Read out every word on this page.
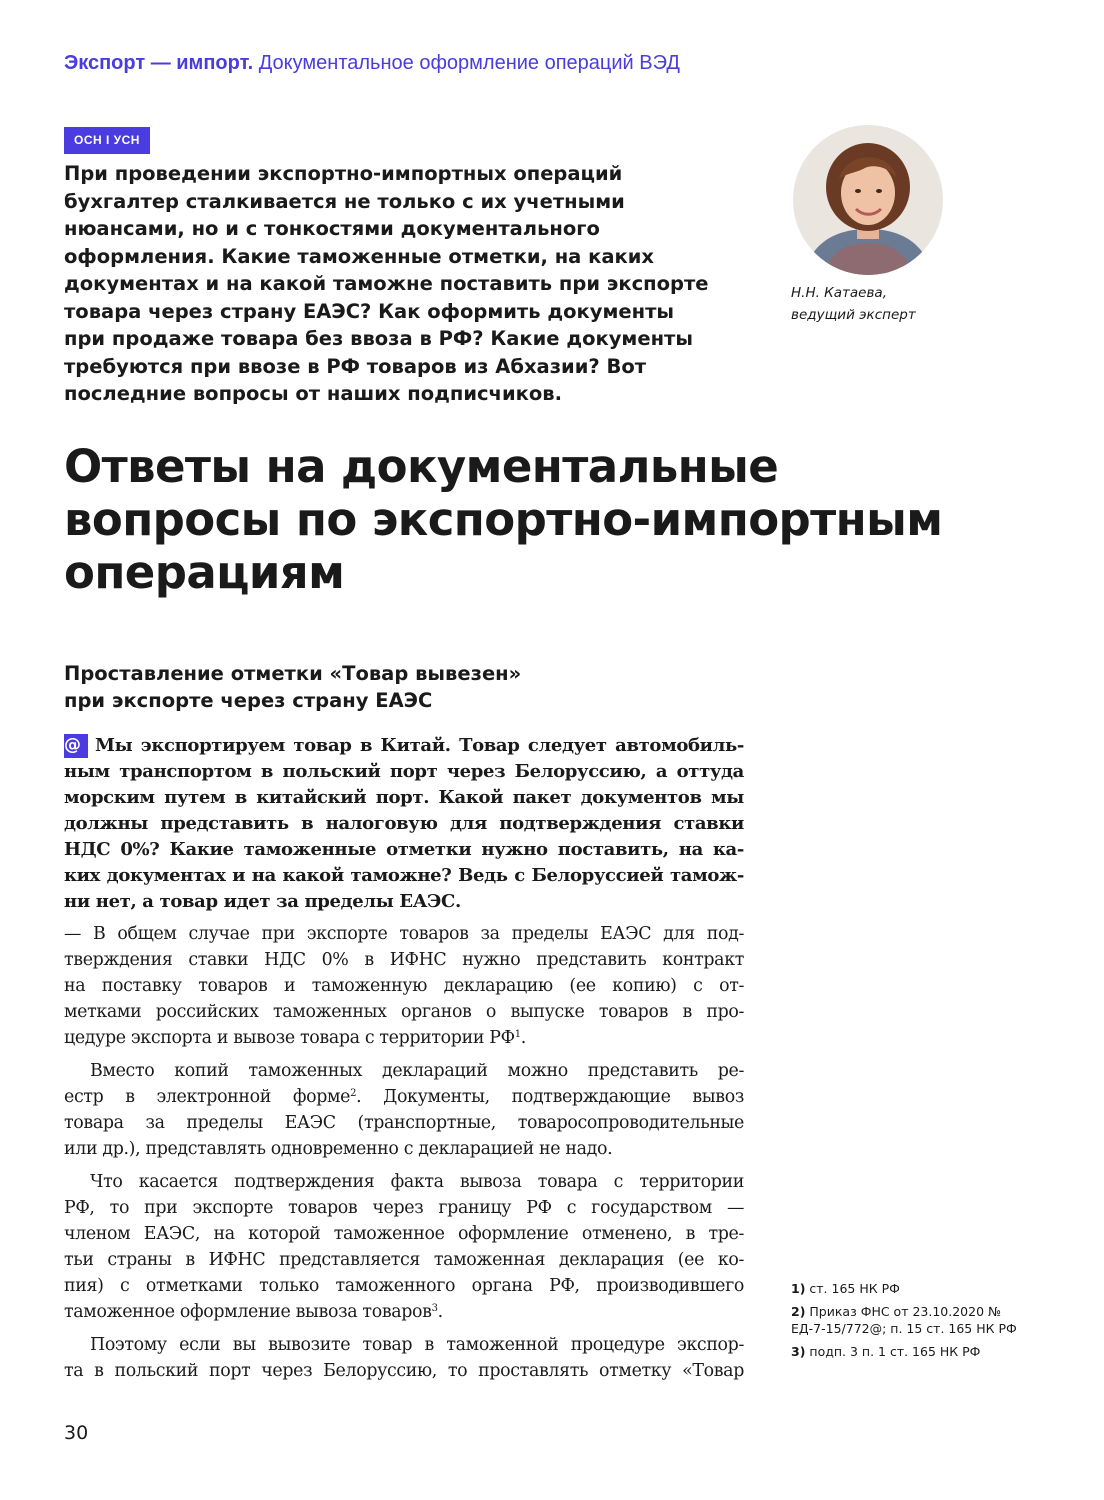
Экспорт — импорт. Документальное оформление операций ВЭД
ОСН I УСН
При проведении экспортно-импортных операций
бухгалтер сталкивается не только с их учетными
нюансами, но и с тонкостями документального
оформления. Какие таможенные отметки, на каких
документах и на какой таможне поставить при экспорте
товара через страну ЕАЭС? Как оформить документы
при продаже товара без ввоза в РФ? Какие документы
требуются при ввозе в РФ товаров из Абхазии? Вот
последние вопросы от наших подписчиков.
Н.Н. Катаева,
ведущий эксперт
Ответы на документальные
вопросы по экспортно-импортным
операциям
Проставление отметки «Товар вывезен»
при экспорте через страну ЕАЭС
@ Мы экспортируем товар в Китай. Товар следует автомобиль-
ным транспортом в польский порт через Белоруссию, а оттуда
морским путем в китайский порт. Какой пакет документов мы
должны представить в налоговую для подтверждения ставки
НДС 0%? Какие таможенные отметки нужно поставить, на ка-
ких документах и на какой таможне? Ведь с Белоруссией тамож-
ни нет, а товар идет за пределы ЕАЭС.
— В общем случае при экспорте товаров за пределы ЕАЭС для под-
тверждения ставки НДС 0% в ИФНС нужно представить контракт
на поставку товаров и таможенную декларацию (ее копию) с от-
метками российских таможенных органов о выпуске товаров в про-
цедуре экспорта и вывозе товара с территории $РФ^1$.
Вместо копий таможенных деклараций можно представить ре-
естр в электронной форме$^2$. Документы, подтверждающие вывоз
товара за пределы ЕАЭС (транспортные, товаросопроводительные
или др.), представлять одновременно с декларацией не надо.
Что касается подтверждения факта вывоза товара с территории
РФ, то при экспорте товаров через границу РФ с государством —
членом ЕАЭС, на которой таможенное оформление отменено, в тре-
тьи страны в ИФНС представляется таможенная декларация (ее ко-
пия) с отметками только таможенного органа РФ, производившего
таможенное оформление вывоза товаров$^3$.
Поэтому если вы вывозите товар в таможенной процедуре экспор-
та в польский порт через Белоруссию, то проставлять отметку «Товар
1) ст. 165 НК РФ
2) Приказ ФНС от 23.10.2020 № ЕД-7-15/772@; п. 15 ст. 165 НК РФ
3) подп. 3 п. 1 ст. 165 НК РФ
30
